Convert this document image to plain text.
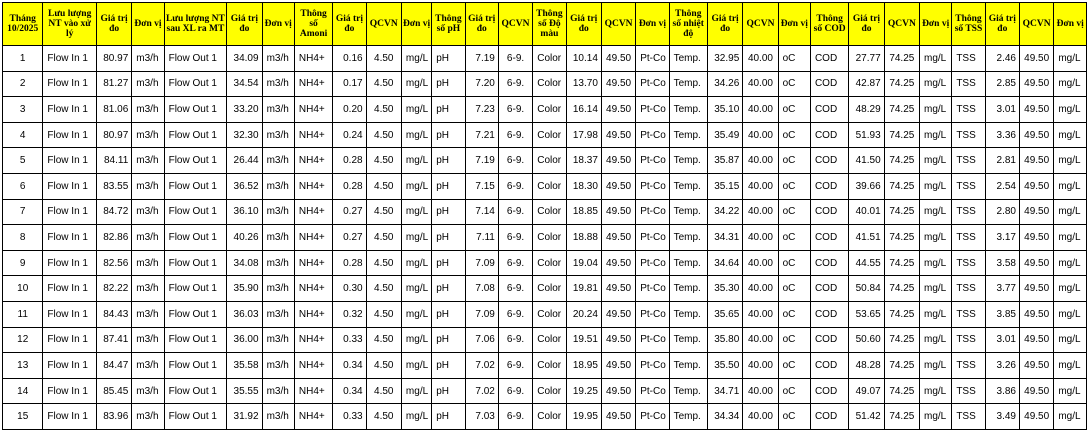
Tháng 10/2025	Lưu lượng NT vào xử lý	Giá trị đo	Đơn vị	Lưu lượng NT sau XL ra MT	Giá trị đo	Đơn vị	Thông số Amoni	Giá trị đo	QCVN	Đơn vị	Thông số pH	Giá trị đo	QCVN	Thông số Độ màu	Giá trị đo	QCVN	Đơn vị	Thông số nhiệt độ	Giá trị đo	QCVN	Đơn vị	Thông số COD	Giá trị đo	QCVN	Đơn vị	Thông số TSS	Giá trị đo	QCVN	Đơn vị
1	Flow In 1	80.97	m3/h	Flow Out 1	34.09	m3/h	NH4+	0.16	4.50	mg/L	pH	7.19	6-9.	Color	10.14	49.50	Pt-Co	Temp.	32.95	40.00	oC	COD	27.77	74.25	mg/L	TSS	2.46	49.50	mg/L
2	Flow In 1	81.27	m3/h	Flow Out 1	34.54	m3/h	NH4+	0.17	4.50	mg/L	pH	7.20	6-9.	Color	13.70	49.50	Pt-Co	Temp.	34.26	40.00	oC	COD	42.87	74.25	mg/L	TSS	2.85	49.50	mg/L
3	Flow In 1	81.06	m3/h	Flow Out 1	33.20	m3/h	NH4+	0.20	4.50	mg/L	pH	7.23	6-9.	Color	16.14	49.50	Pt-Co	Temp.	35.10	40.00	oC	COD	48.29	74.25	mg/L	TSS	3.01	49.50	mg/L
4	Flow In 1	80.97	m3/h	Flow Out 1	32.30	m3/h	NH4+	0.24	4.50	mg/L	pH	7.21	6-9.	Color	17.98	49.50	Pt-Co	Temp.	35.49	40.00	oC	COD	51.93	74.25	mg/L	TSS	3.36	49.50	mg/L
5	Flow In 1	84.11	m3/h	Flow Out 1	26.44	m3/h	NH4+	0.28	4.50	mg/L	pH	7.19	6-9.	Color	18.37	49.50	Pt-Co	Temp.	35.87	40.00	oC	COD	41.50	74.25	mg/L	TSS	2.81	49.50	mg/L
6	Flow In 1	83.55	m3/h	Flow Out 1	36.52	m3/h	NH4+	0.28	4.50	mg/L	pH	7.15	6-9.	Color	18.30	49.50	Pt-Co	Temp.	35.15	40.00	oC	COD	39.66	74.25	mg/L	TSS	2.54	49.50	mg/L
7	Flow In 1	84.72	m3/h	Flow Out 1	36.10	m3/h	NH4+	0.27	4.50	mg/L	pH	7.14	6-9.	Color	18.85	49.50	Pt-Co	Temp.	34.22	40.00	oC	COD	40.01	74.25	mg/L	TSS	2.80	49.50	mg/L
8	Flow In 1	82.86	m3/h	Flow Out 1	40.26	m3/h	NH4+	0.27	4.50	mg/L	pH	7.11	6-9.	Color	18.88	49.50	Pt-Co	Temp.	34.31	40.00	oC	COD	41.51	74.25	mg/L	TSS	3.17	49.50	mg/L
9	Flow In 1	82.56	m3/h	Flow Out 1	34.08	m3/h	NH4+	0.28	4.50	mg/L	pH	7.09	6-9.	Color	19.04	49.50	Pt-Co	Temp.	34.64	40.00	oC	COD	44.55	74.25	mg/L	TSS	3.58	49.50	mg/L
10	Flow In 1	82.22	m3/h	Flow Out 1	35.90	m3/h	NH4+	0.30	4.50	mg/L	pH	7.08	6-9.	Color	19.81	49.50	Pt-Co	Temp.	35.30	40.00	oC	COD	50.84	74.25	mg/L	TSS	3.77	49.50	mg/L
11	Flow In 1	84.43	m3/h	Flow Out 1	36.03	m3/h	NH4+	0.32	4.50	mg/L	pH	7.09	6-9.	Color	20.24	49.50	Pt-Co	Temp.	35.65	40.00	oC	COD	53.65	74.25	mg/L	TSS	3.85	49.50	mg/L
12	Flow In 1	87.41	m3/h	Flow Out 1	36.00	m3/h	NH4+	0.33	4.50	mg/L	pH	7.06	6-9.	Color	19.51	49.50	Pt-Co	Temp.	35.80	40.00	oC	COD	50.60	74.25	mg/L	TSS	3.01	49.50	mg/L
13	Flow In 1	84.47	m3/h	Flow Out 1	35.58	m3/h	NH4+	0.34	4.50	mg/L	pH	7.02	6-9.	Color	18.95	49.50	Pt-Co	Temp.	35.50	40.00	oC	COD	48.28	74.25	mg/L	TSS	3.26	49.50	mg/L
14	Flow In 1	85.45	m3/h	Flow Out 1	35.55	m3/h	NH4+	0.34	4.50	mg/L	pH	7.02	6-9.	Color	19.25	49.50	Pt-Co	Temp.	34.71	40.00	oC	COD	49.07	74.25	mg/L	TSS	3.86	49.50	mg/L
15	Flow In 1	83.96	m3/h	Flow Out 1	31.92	m3/h	NH4+	0.33	4.50	mg/L	pH	7.03	6-9.	Color	19.95	49.50	Pt-Co	Temp.	34.34	40.00	oC	COD	51.42	74.25	mg/L	TSS	3.49	49.50	mg/L
